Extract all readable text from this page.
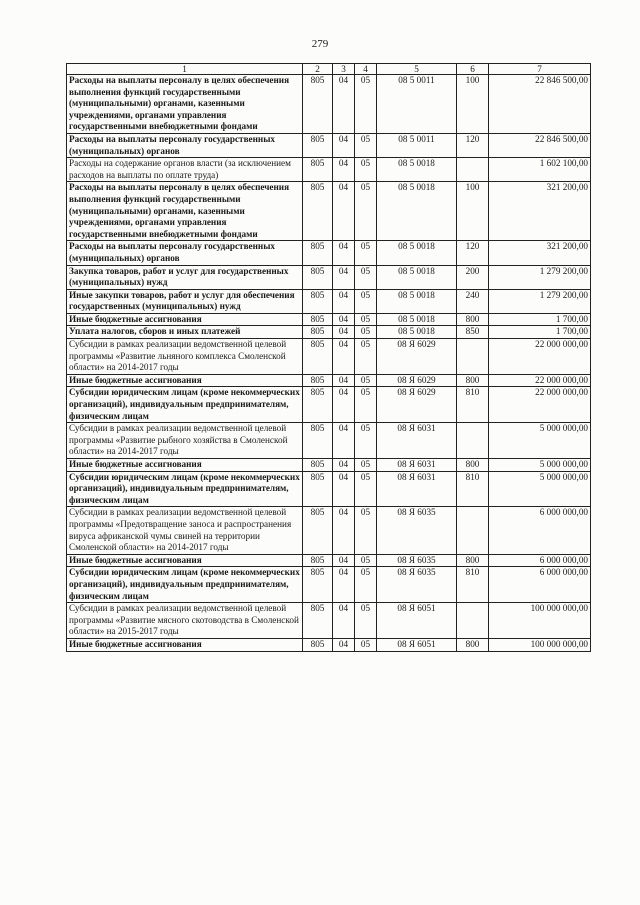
279
1	2	3	4	5	6	7
Расходы на выплаты персоналу в целях обеспечения выполнения функций государственными (муниципальными) органами, казенными учреждениями, органами управления государственными внебюджетными фондами	805	04	05	08 5 0011	100	22 846 500,00
Расходы на выплаты персоналу государственных (муниципальных) органов	805	04	05	08 5 0011	120	22 846 500,00
Расходы на содержание органов власти (за исключением расходов на выплаты по оплате труда)	805	04	05	08 5 0018		1 602 100,00
Расходы на выплаты персоналу в целях обеспечения выполнения функций государственными (муниципальными) органами, казенными учреждениями, органами управления государственными внебюджетными фондами	805	04	05	08 5 0018	100	321 200,00
Расходы на выплаты персоналу государственных (муниципальных) органов	805	04	05	08 5 0018	120	321 200,00
Закупка товаров, работ и услуг для государственных (муниципальных) нужд	805	04	05	08 5 0018	200	1 279 200,00
Иные закупки товаров, работ и услуг для обеспечения государственных (муниципальных) нужд	805	04	05	08 5 0018	240	1 279 200,00
Иные бюджетные ассигнования	805	04	05	08 5 0018	800	1 700,00
Уплата налогов, сборов и иных платежей	805	04	05	08 5 0018	850	1 700,00
Субсидии в рамках реализации ведомственной целевой программы «Развитие льняного комплекса Смоленской области» на 2014-2017 годы	805	04	05	08 Я 6029		22 000 000,00
Иные бюджетные ассигнования	805	04	05	08 Я 6029	800	22 000 000,00
Субсидии юридическим лицам (кроме некоммерческих организаций), индивидуальным предпринимателям, физическим лицам	805	04	05	08 Я 6029	810	22 000 000,00
Субсидии в рамках реализации ведомственной целевой программы «Развитие рыбного хозяйства в Смоленской области» на 2014-2017 годы	805	04	05	08 Я 6031		5 000 000,00
Иные бюджетные ассигнования	805	04	05	08 Я 6031	800	5 000 000,00
Субсидии юридическим лицам (кроме некоммерческих организаций), индивидуальным предпринимателям, физическим лицам	805	04	05	08 Я 6031	810	5 000 000,00
Субсидии в рамках реализации ведомственной целевой программы «Предотвращение заноса и распространения вируса африканской чумы свиней на территории Смоленской области» на 2014-2017 годы	805	04	05	08 Я 6035		6 000 000,00
Иные бюджетные ассигнования	805	04	05	08 Я 6035	800	6 000 000,00
Субсидии юридическим лицам (кроме некоммерческих организаций), индивидуальным предпринимателям, физическим лицам	805	04	05	08 Я 6035	810	6 000 000,00
Субсидии в рамках реализации ведомственной целевой программы «Развитие мясного скотоводства в Смоленской области» на 2015-2017 годы	805	04	05	08 Я 6051		100 000 000,00
Иные бюджетные ассигнования	805	04	05	08 Я 6051	800	100 000 000,00
